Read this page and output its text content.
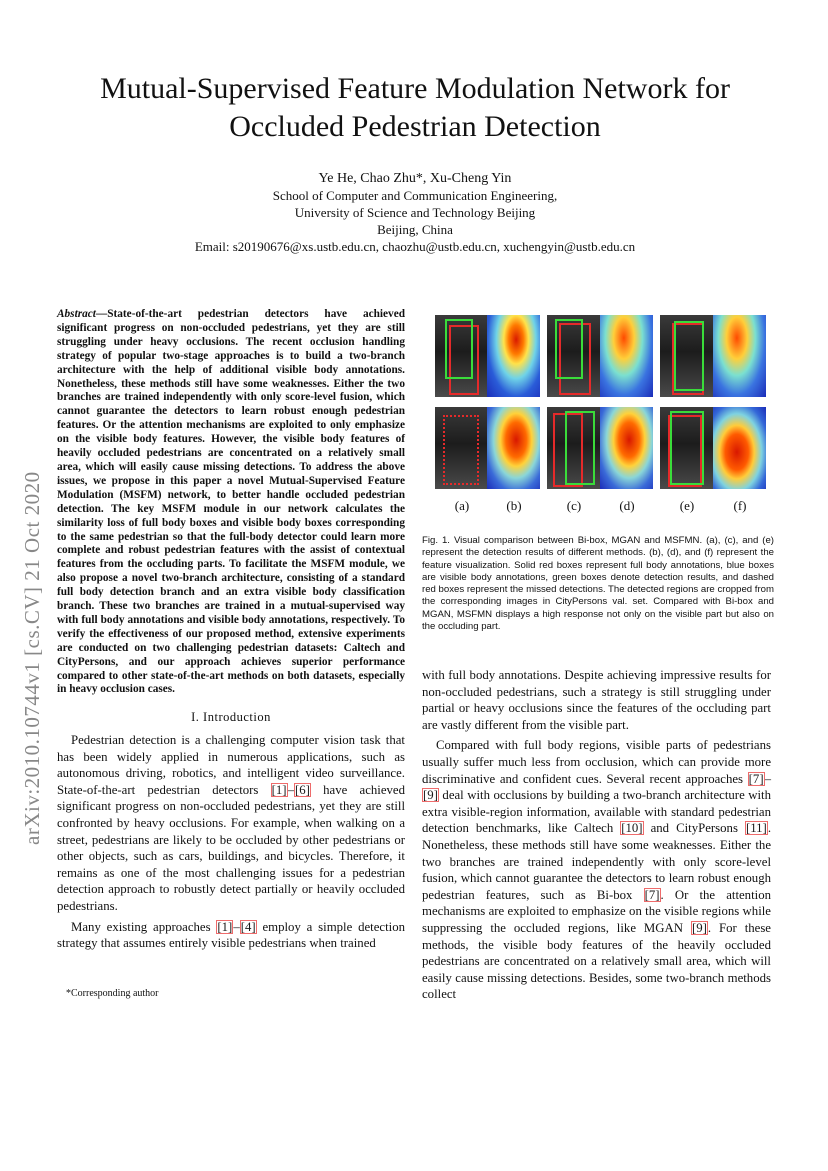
Mutual-Supervised Feature Modulation Network for Occluded Pedestrian Detection
Ye He, Chao Zhu*, Xu-Cheng Yin
School of Computer and Communication Engineering,
University of Science and Technology Beijing
Beijing, China
Email: s20190676@xs.ustb.edu.cn, chaozhu@ustb.edu.cn, xuchengyin@ustb.edu.cn
arXiv:2010.10744v1 [cs.CV] 21 Oct 2020
Abstract—State-of-the-art pedestrian detectors have achieved significant progress on non-occluded pedestrians, yet they are still struggling under heavy occlusions. The recent occlusion handling strategy of popular two-stage approaches is to build a two-branch architecture with the help of additional visible body annotations. Nonetheless, these methods still have some weaknesses. Either the two branches are trained independently with only score-level fusion, which cannot guarantee the detectors to learn robust enough pedestrian features. Or the attention mechanisms are exploited to only emphasize on the visible body features. However, the visible body features of heavily occluded pedestrians are concentrated on a relatively small area, which will easily cause missing detections. To address the above issues, we propose in this paper a novel Mutual-Supervised Feature Modulation (MSFM) network, to better handle occluded pedestrian detection. The key MSFM module in our network calculates the similarity loss of full body boxes and visible body boxes corresponding to the same pedestrian so that the full-body detector could learn more complete and robust pedestrian features with the assist of contextual features from the occluding parts. To facilitate the MSFM module, we also propose a novel two-branch architecture, consisting of a standard full body detection branch and an extra visible body classification branch. These two branches are trained in a mutual-supervised way with full body annotations and visible body annotations, respectively. To verify the effectiveness of our proposed method, extensive experiments are conducted on two challenging pedestrian datasets: Caltech and CityPersons, and our approach achieves superior performance compared to other state-of-the-art methods on both datasets, especially in heavy occlusion cases.
I. Introduction

Pedestrian detection is a challenging computer vision task that has been widely applied in numerous applications, such as autonomous driving, robotics, and intelligent video surveillance. State-of-the-art pedestrian detectors [1]–[6] have achieved significant progress on non-occluded pedestrians, yet they are still confronted by heavy occlusions. For example, when walking on a street, pedestrians are likely to be occluded by other pedestrians or other objects, such as cars, buildings, and bicycles. Therefore, it remains as one of the most challenging issues for a pedestrian detection approach to robustly detect partially or heavily occluded pedestrians.

Many existing approaches [1]–[4] employ a simple detection strategy that assumes entirely visible pedestrians when trained

*Corresponding author
(a)	(b)	(c)	(d)	(e)	(f)
Fig. 1. Visual comparison between Bi-box, MGAN and MSFMN. (a), (c), and (e) represent the detection results of different methods. (b), (d), and (f) represent the feature visualization. Solid red boxes represent full body annotations, blue boxes are visible body annotations, green boxes denote detection results, and dashed red boxes represent the missed detections. The detected regions are cropped from the corresponding images in CityPersons val. set. Compared with Bi-box and MGAN, MSFMN displays a high response not only on the visible part but also on the occluding part.

with full body annotations. Despite achieving impressive results for non-occluded pedestrians, such a strategy is still struggling under partial or heavy occlusions since the features of the occluding part are vastly different from the visible part.

Compared with full body regions, visible parts of pedestrians usually suffer much less from occlusion, which can provide more discriminative and confident cues. Several recent approaches [7]–[9] deal with occlusions by building a two-branch architecture with extra visible-region information, available with standard pedestrian detection benchmarks, like Caltech [10] and CityPersons [11]. Nonetheless, these methods still have some weaknesses. Either the two branches are trained independently with only score-level fusion, which cannot guarantee the detectors to learn robust enough pedestrian features, such as Bi-box [7]. Or the attention mechanisms are exploited to emphasize on the visible regions while suppressing the occluded regions, like MGAN [9]. For these methods, the visible body features of the heavily occluded pedestrians are concentrated on a relatively small area, which will easily cause missing detections. Besides, some two-branch methods collect
